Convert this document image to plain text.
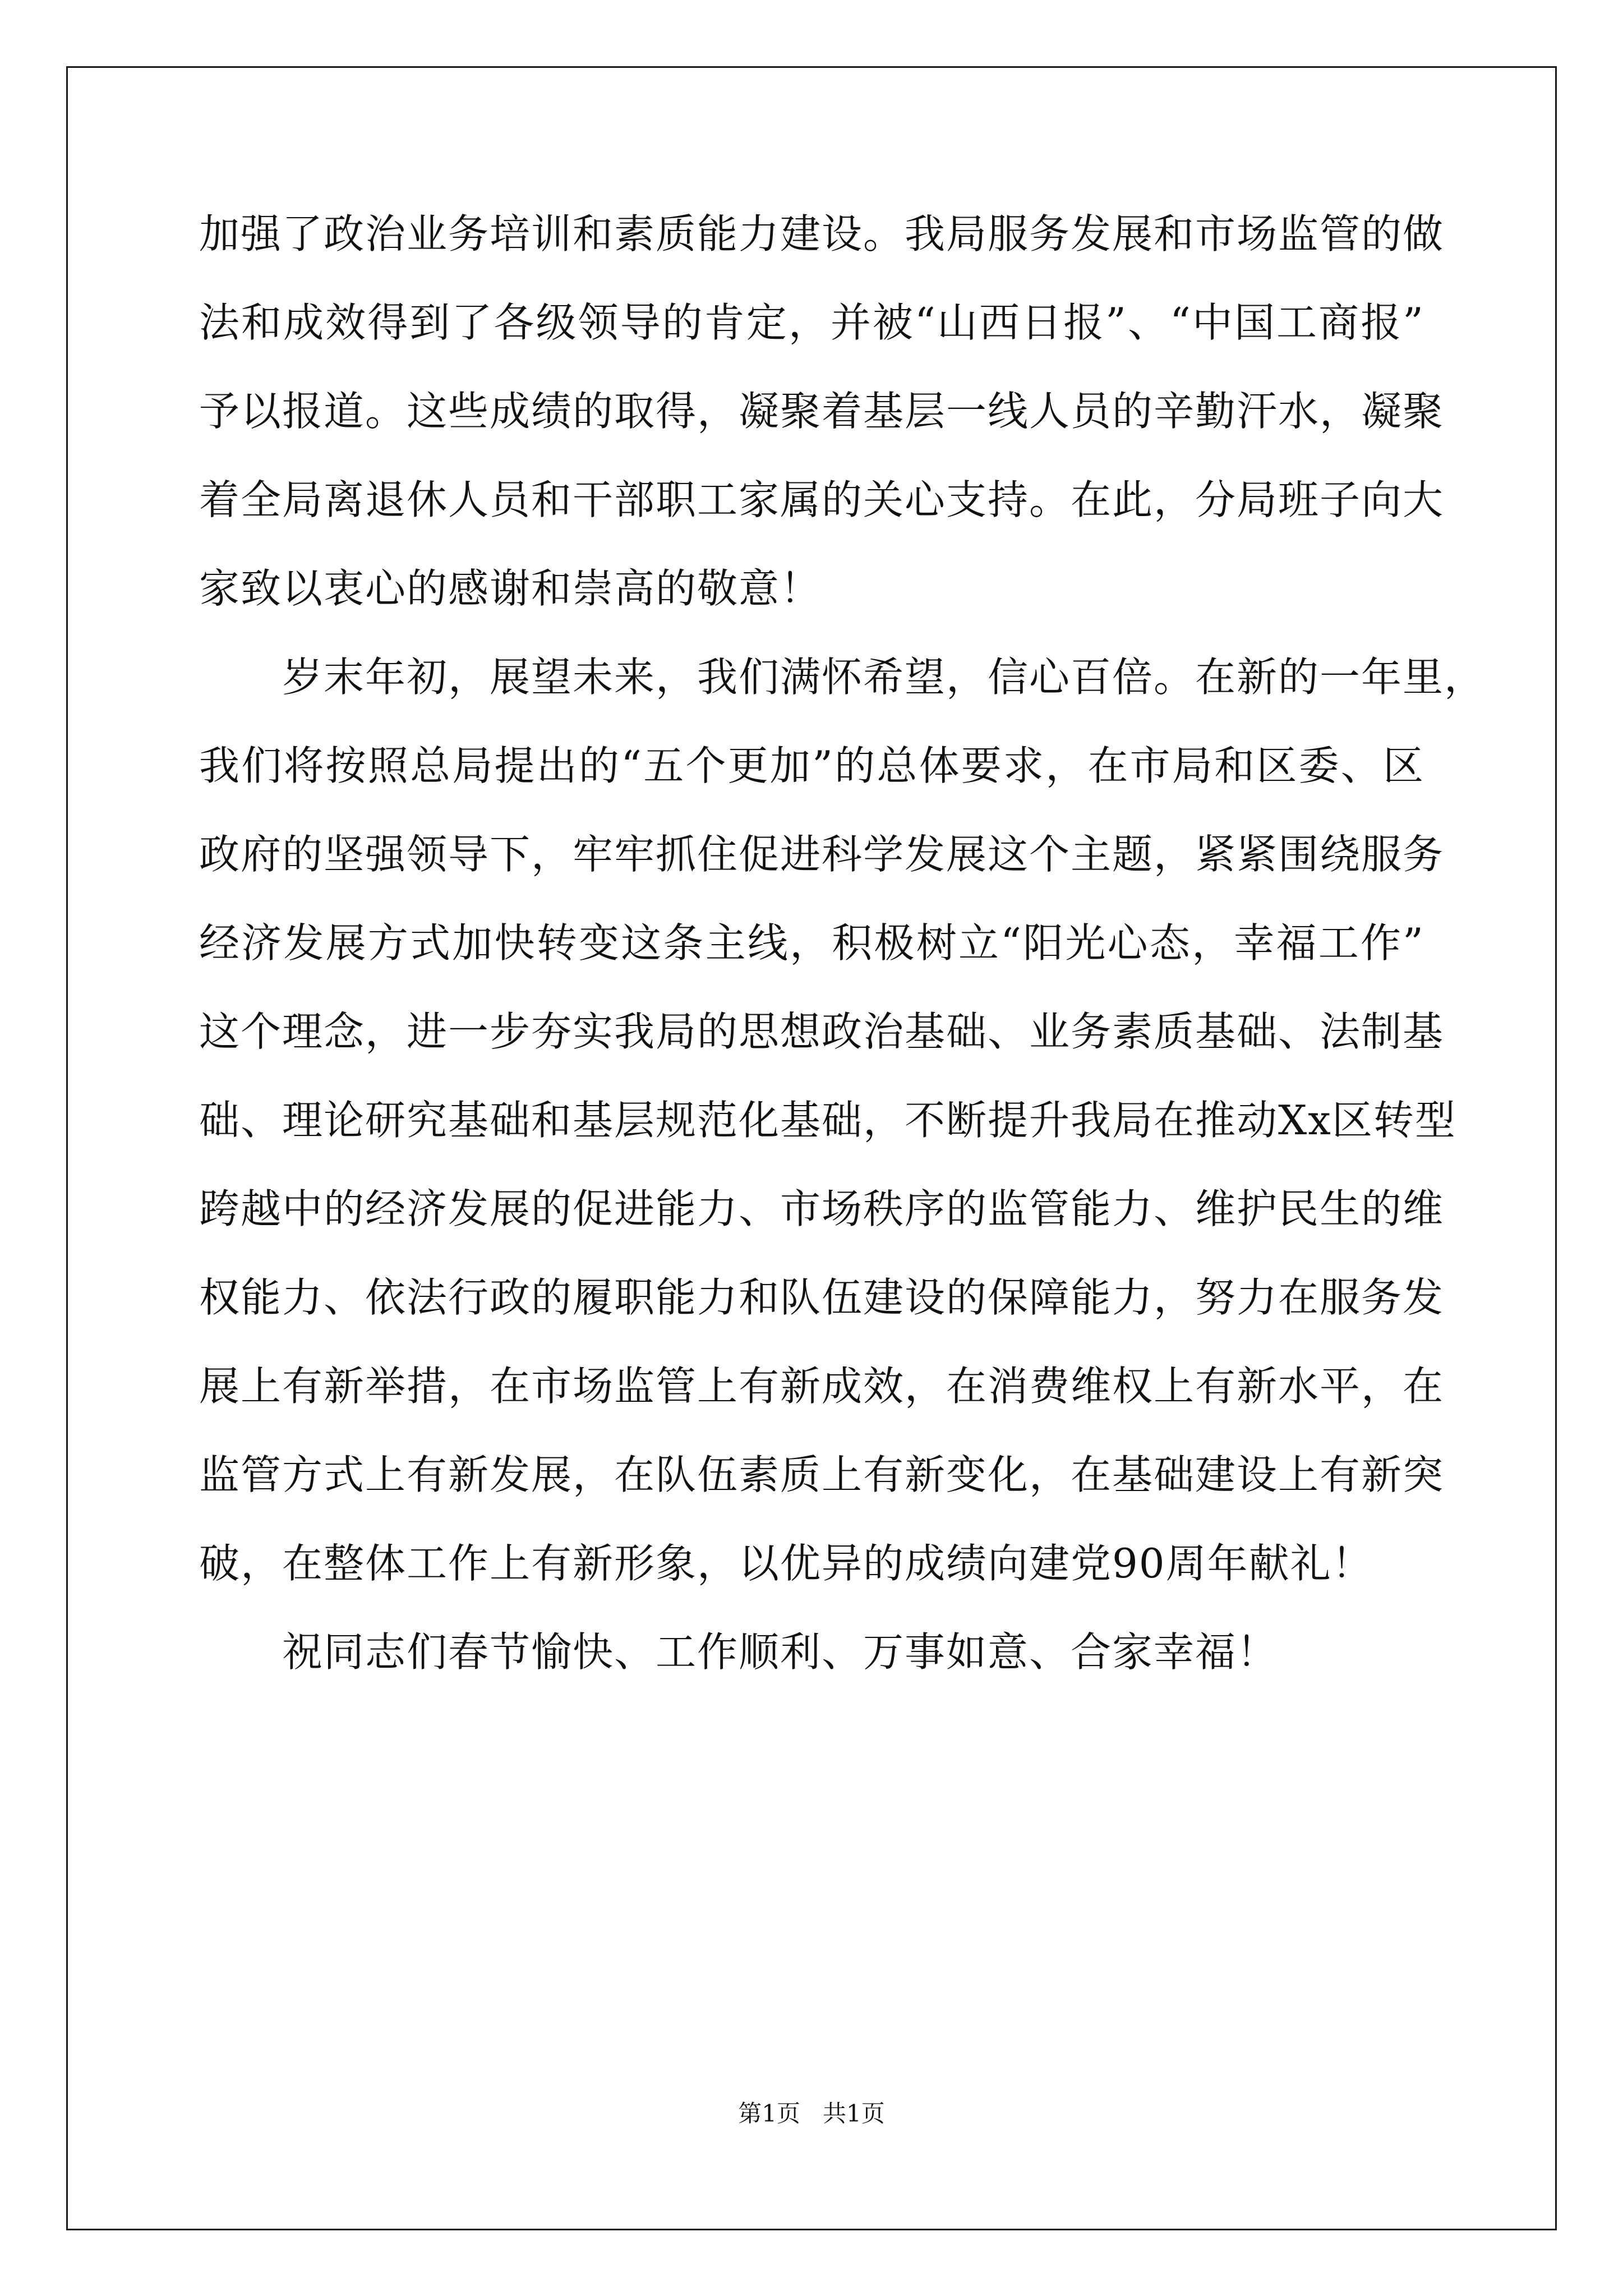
加强了政治业务培训和素质能力建设。我局服务发展和市场监管的做
法和成效得到了各级领导的肯定，并被“山西日报”、“中国工商报”
予以报道。这些成绩的取得，凝聚着基层一线人员的辛勤汗水，凝聚
着全局离退休人员和干部职工家属的关心支持。在此，分局班子向大
家致以衷心的感谢和崇高的敬意！
岁末年初，展望未来，我们满怀希望，信心百倍。在新的一年里，
我们将按照总局提出的“五个更加”的总体要求，在市局和区委、区
政府的坚强领导下，牢牢抓住促进科学发展这个主题，紧紧围绕服务
经济发展方式加快转变这条主线，积极树立“阳光心态，幸福工作”
这个理念，进一步夯实我局的思想政治基础、业务素质基础、法制基
础、理论研究基础和基层规范化基础，不断提升我局在推动Xx区转型
跨越中的经济发展的促进能力、市场秩序的监管能力、维护民生的维
权能力、依法行政的履职能力和队伍建设的保障能力，努力在服务发
展上有新举措，在市场监管上有新成效，在消费维权上有新水平，在
监管方式上有新发展，在队伍素质上有新变化，在基础建设上有新突
破，在整体工作上有新形象，以优异的成绩向建党90周年献礼！
祝同志们春节愉快、工作顺利、万事如意、合家幸福！
第1页   共1页
